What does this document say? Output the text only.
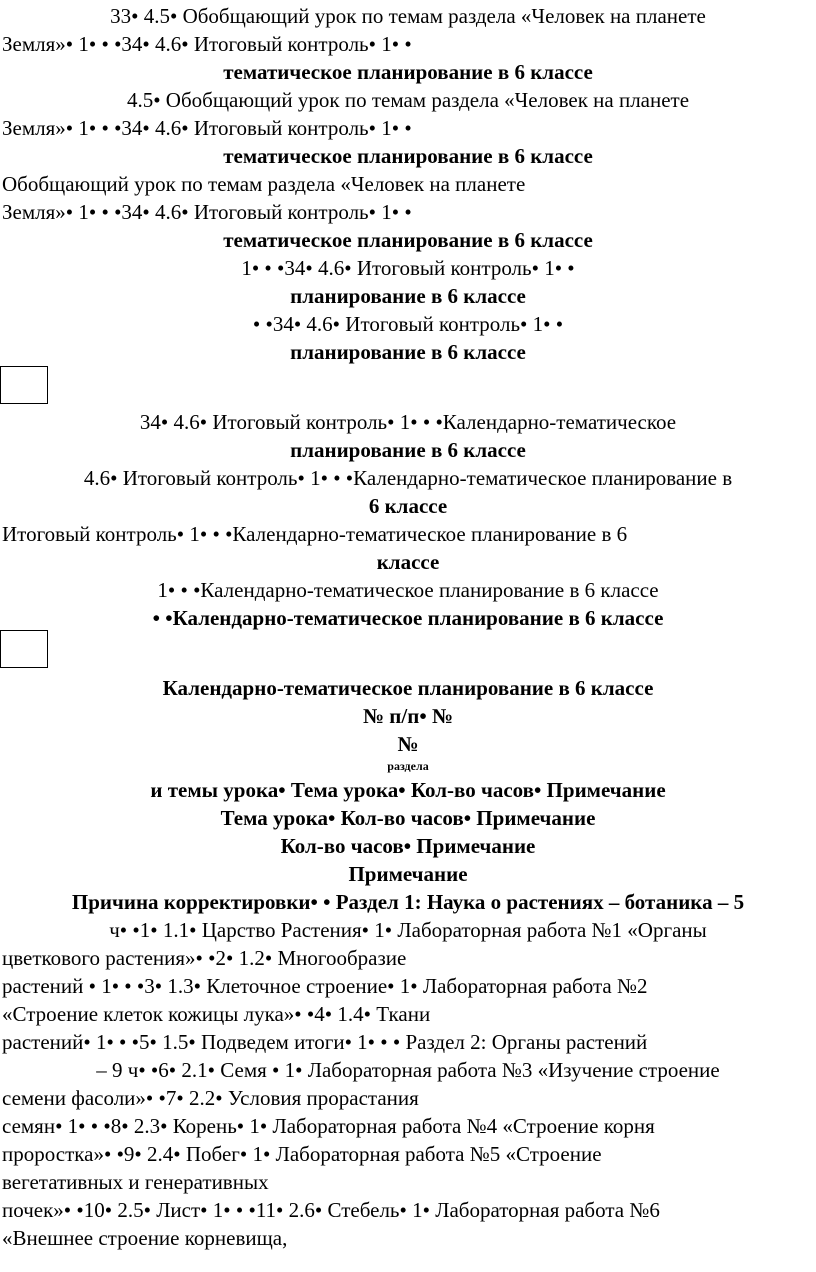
33• 4.5• Обобщающий урок по темам раздела «Человек на планете
Земля»• 1• • •34• 4.6• Итоговый контроль• 1• •
тематическое планирование в 6 классе
4.5• Обобщающий урок по темам раздела «Человек на планете
Земля»• 1• • •34• 4.6• Итоговый контроль• 1• •
тематическое планирование в 6 классе
Обобщающий урок по темам раздела «Человек на планете
Земля»• 1• • •34• 4.6• Итоговый контроль• 1• •
тематическое планирование в 6 классе
1• • •34• 4.6• Итоговый контроль• 1• •
планирование в 6 классе
• •34• 4.6• Итоговый контроль• 1• •
планирование в 6 классе
34• 4.6• Итоговый контроль• 1• • •Календарно-тематическое
планирование в 6 классе
4.6• Итоговый контроль• 1• • •Календарно-тематическое планирование в
6 классе
Итоговый контроль• 1• • •Календарно-тематическое планирование в 6
классе
1• • •Календарно-тематическое планирование в 6 классе
• •Календарно-тематическое планирование в 6 классе
Календарно-тематическое планирование в 6 классе
№ п/п• №
№
раздела
и темы урока• Тема урока• Кол-во часов• Примечание
Тема урока• Кол-во часов• Примечание
Кол-во часов• Примечание
Примечание
Причина корректировки• • Раздел 1: Наука о растениях – ботаника – 5
ч• •1• 1.1• Царство Растения• 1• Лабораторная работа №1 «Органы
цветкового растения»• •2• 1.2• Многообразие
растений • 1• • •3• 1.3• Клеточное строение• 1• Лабораторная работа №2
«Строение клеток кожицы лука»• •4• 1.4• Ткани
растений• 1• • •5• 1.5• Подведем итоги• 1• • • Раздел 2: Органы растений
– 9 ч• •6• 2.1• Семя • 1• Лабораторная работа №3 «Изучение строение
семени фасоли»• •7• 2.2• Условия прорастания
семян• 1• • •8• 2.3• Корень• 1• Лабораторная работа №4 «Строение корня
проростка»• •9• 2.4• Побег• 1• Лабораторная работа №5 «Строение
вегетативных и генеративных
почек»• •10• 2.5• Лист• 1• • •11• 2.6• Стебель• 1• Лабораторная работа №6
«Внешнее строение корневища,
